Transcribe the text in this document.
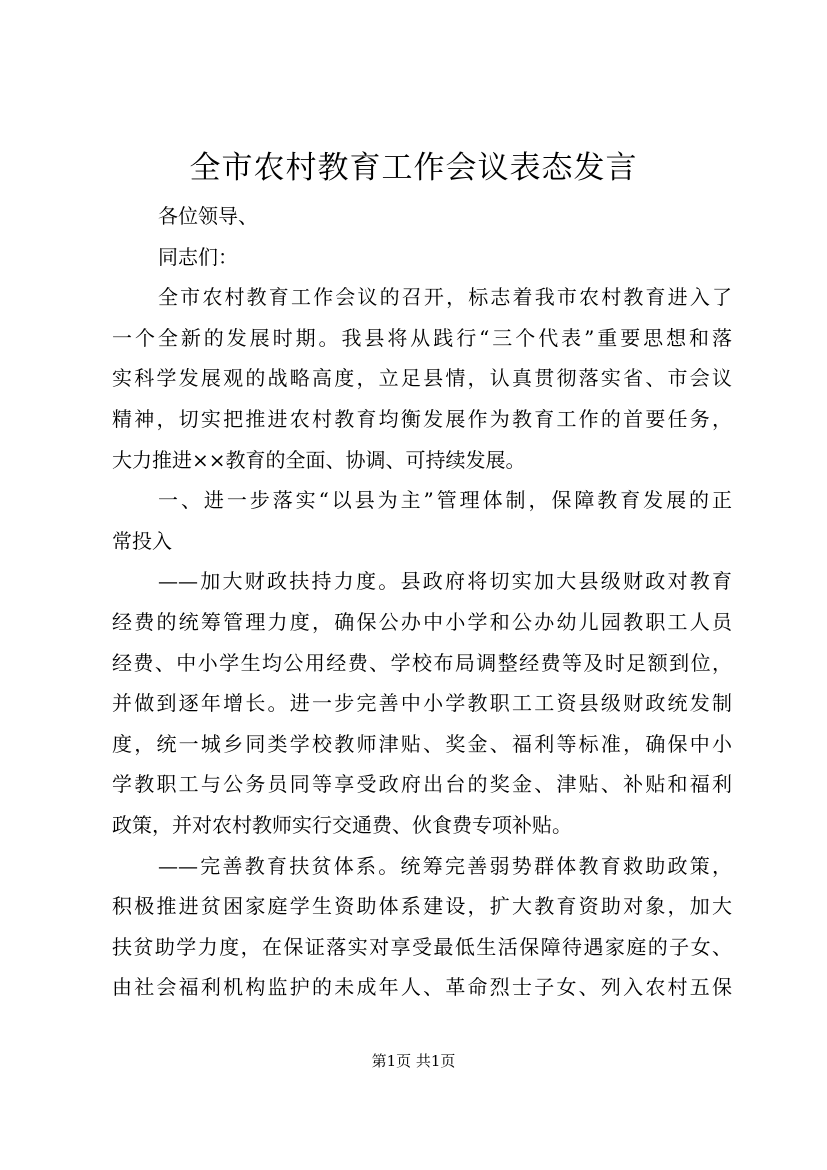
全市农村教育工作会议表态发言
各位领导、
同志们：
全市农村教育工作会议的召开，标志着我市农村教育进入了
一个全新的发展时期。我县将从践行“三个代表”重要思想和落
实科学发展观的战略高度，立足县情，认真贯彻落实省、市会议
精神，切实把推进农村教育均衡发展作为教育工作的首要任务，
大力推进××教育的全面、协调、可持续发展。
一、进一步落实“以县为主”管理体制，保障教育发展的正
常投入
——加大财政扶持力度。县政府将切实加大县级财政对教育
经费的统筹管理力度，确保公办中小学和公办幼儿园教职工人员
经费、中小学生均公用经费、学校布局调整经费等及时足额到位，
并做到逐年增长。进一步完善中小学教职工工资县级财政统发制
度，统一城乡同类学校教师津贴、奖金、福利等标准，确保中小
学教职工与公务员同等享受政府出台的奖金、津贴、补贴和福利
政策，并对农村教师实行交通费、伙食费专项补贴。
——完善教育扶贫体系。统筹完善弱势群体教育救助政策，
积极推进贫困家庭学生资助体系建设，扩大教育资助对象，加大
扶贫助学力度，在保证落实对享受最低生活保障待遇家庭的子女、
由社会福利机构监护的未成年人、革命烈士子女、列入农村五保
第1页 共1页
